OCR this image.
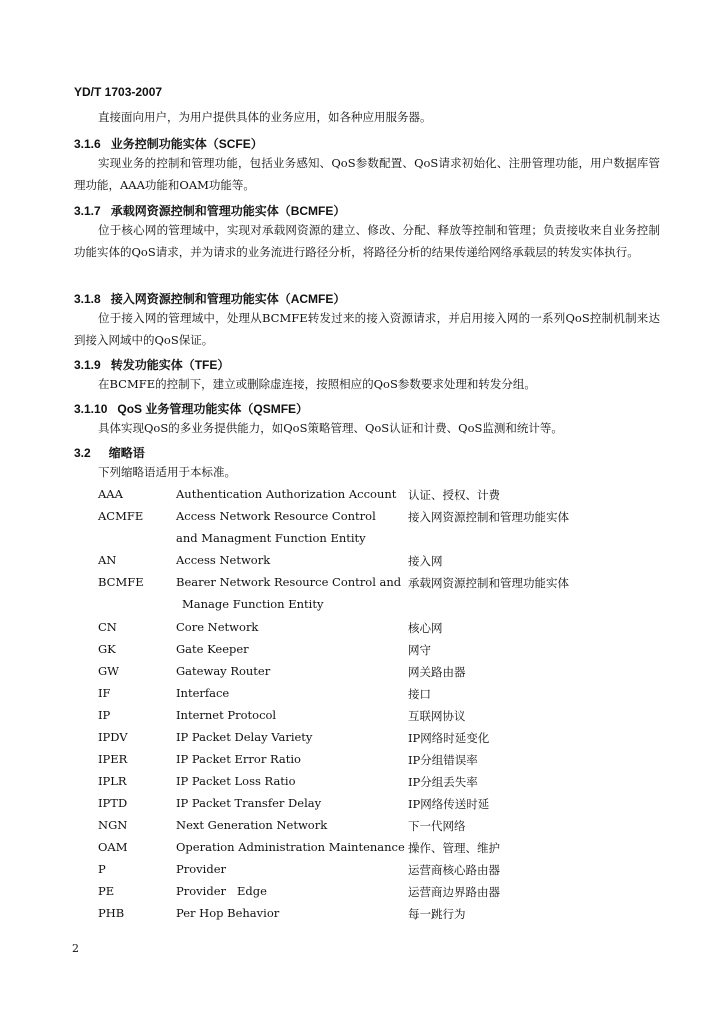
YD/T 1703-2007
直接面向用户，为用户提供具体的业务应用，如各种应用服务器。
3.1.6 业务控制功能实体（SCFE）

实现业务的控制和管理功能，包括业务感知、QoS参数配置、QoS请求初始化、注册管理功能，用户数据库管理功能，AAA功能和OAM功能等。

3.1.7 承载网资源控制和管理功能实体（BCMFE）

位于核心网的管理域中，实现对承载网资源的建立、修改、分配、释放等控制和管理；负责接收来自业务控制功能实体的QoS请求，并为请求的业务流进行路径分析，将路径分析的结果传递给网络承载层的转发实体执行。

3.1.8 接入网资源控制和管理功能实体（ACMFE）

位于接入网的管理域中，处理从BCMFE转发过来的接入资源请求，并启用接入网的一系列QoS控制机制来达到接入网域中的QoS保证。

3.1.9 转发功能实体（TFE）

在BCMFE的控制下，建立或删除虚连接，按照相应的QoS参数要求处理和转发分组。

3.1.10 QoS 业务管理功能实体（QSMFE）

具体实现QoS的多业务提供能力，如QoS策略管理、QoS认证和计费、QoS监测和统计等。

3.2 缩略语

下列缩略语适用于本标准。

AAA	Authentication Authorization Account 认证、授权、计费
ACMFE	Access Network Resource Control	接入网资源控制和管理功能实体
and Managment Function Entity
AN	Access Network	接入网
BCMFE	Bearer Network Resource Control and 承载网资源控制和管理功能实体
Manage Function Entity
CN	Core Network	核心网
GK	Gate Keeper	网守
GW	Gateway Router	网关路由器
IF	Interface	接口
IP	Internet Protocol	互联网协议
IPDV	IP Packet Delay Variety	IP网络时延变化
IPER	IP Packet Error Ratio	IP分组错误率
IPLR	IP Packet Loss Ratio	IP分组丢失率
IPTD	IP Packet Transfer Delay	IP网络传送时延
NGN	Next Generation Network	下一代网络
OAM	Operation Administration Maintenance 操作、管理、维护
P	Provider	运营商核心路由器
PE	Provider   Edge	运营商边界路由器
PHB	Per Hop Behavior	每一跳行为
2
